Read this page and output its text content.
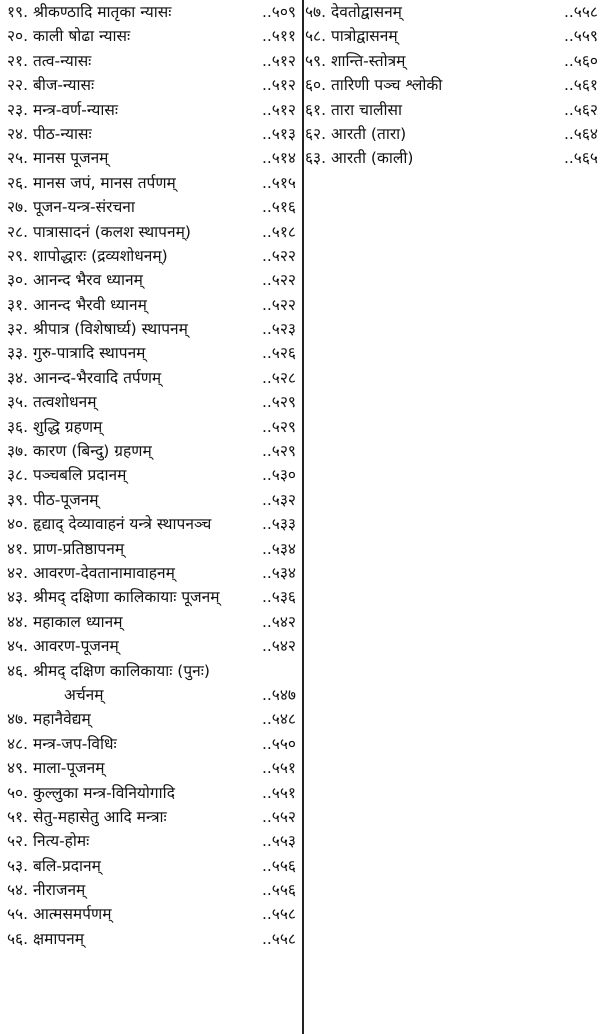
१९. श्रीकण्ठादि मातृका न्यासः	..५०९
२०. काली षोढा न्यासः	..५११
२१. तत्व-न्यासः	..५१२
२२. बीज-न्यासः	..५१२
२३. मन्त्र-वर्ण-न्यासः	..५१२
२४. पीठ-न्यासः	..५१३
२५. मानस पूजनम्	..५१४
२६. मानस जपं, मानस तर्पणम्	..५१५
२७. पूजन-यन्त्र-संरचना	..५१६
२८. पात्रासादनं (कलश स्थापनम्)	..५१८
२९. शापोद्धारः (द्रव्यशोधनम्)	..५२२
३०. आनन्द भैरव ध्यानम्	..५२२
३१. आनन्द भैरवी ध्यानम्	..५२२
३२. श्रीपात्र (विशेषार्घ्य) स्थापनम्	..५२३
३३. गुरु-पात्रादि स्थापनम्	..५२६
३४. आनन्द-भैरवादि तर्पणम्	..५२८
३५. तत्वशोधनम्	..५२९
३६. शुद्धि ग्रहणम्	..५२९
३७. कारण (बिन्दु) ग्रहणम्	..५२९
३८. पञ्चबलि प्रदानम्	..५३०
३९. पीठ-पूजनम्	..५३२
४०. हृद्याद् देव्यावाहनं यन्त्रे स्थापनञ्च	..५३३
४१. प्राण-प्रतिष्ठापनम्	..५३४
४२. आवरण-देवतानामावाहनम्	..५३४
४३. श्रीमद् दक्षिणा कालिकायाः पूजनम्	..५३६
४४. महाकाल ध्यानम्	..५४२
४५. आवरण-पूजनम्	..५४२
४६. श्रीमद् दक्षिण कालिकायाः (पुनः)
अर्चनम्	..५४७
४७. महानैवेद्यम्	..५४८
४८. मन्त्र-जप-विधिः	..५५०
४९. माला-पूजनम्	..५५१
५०. कुल्लुका मन्त्र-विनियोगादि	..५५१
५१. सेतु-महासेतु आदि मन्त्राः	..५५२
५२. नित्य-होमः	..५५३
५३. बलि-प्रदानम्	..५५६
५४. नीराजनम्	..५५६
५५. आत्मसमर्पणम्	..५५८
५६. क्षमापनम्	..५५८
५७. देवतोद्वासनम्	..५५८
५८. पात्रोद्वासनम्	..५५९
५९. शान्ति-स्तोत्रम्	..५६०
६०. तारिणी पञ्च श्लोकी	..५६१
६१. तारा चालीसा	..५६२
६२. आरती (तारा)	..५६४
६३. आरती (काली)	..५६५
